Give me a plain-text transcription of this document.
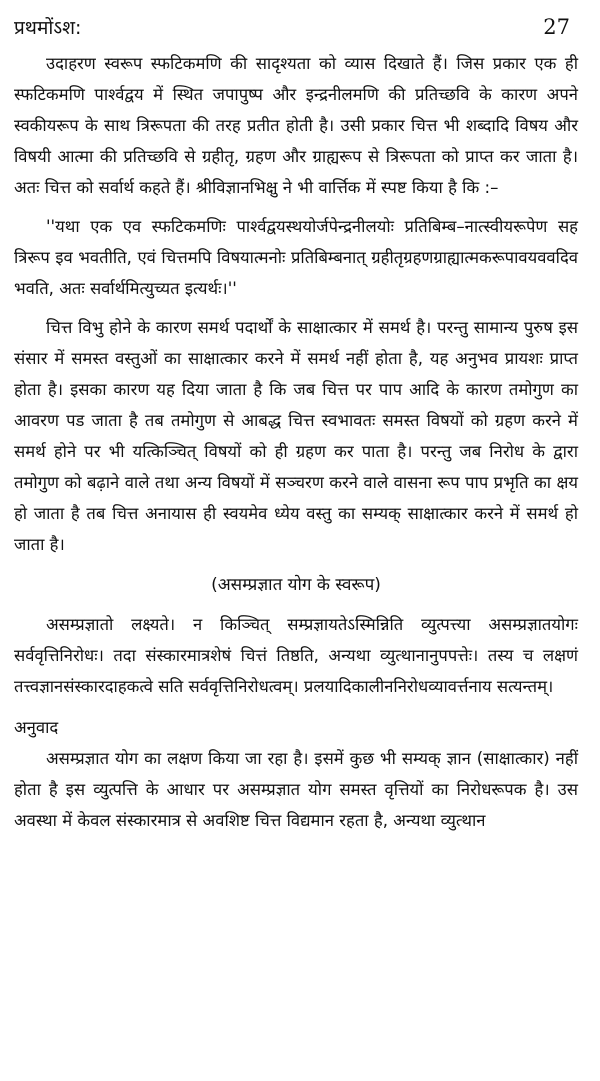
प्रथमोंऽश:	27

उदाहरण स्वरूप स्फटिकमणि की सादृश्यता को व्यास दिखाते हैं। जिस प्रकार एक ही स्फटिकमणि पार्श्वद्वय में स्थित जपापुष्प और इन्द्रनीलमणि की प्रतिच्छवि के कारण अपने स्वकीयरूप के साथ त्रिरूपता की तरह प्रतीत होती है। उसी प्रकार चित्त भी शब्दादि विषय और विषयी आत्मा की प्रतिच्छवि से ग्रहीतृ, ग्रहण और ग्राह्यरूप से त्रिरूपता को प्राप्त कर जाता है। अतः चित्त को सर्वार्थ कहते हैं। श्रीविज्ञानभिक्षु ने भी वार्त्तिक में स्पष्ट किया है कि :–

''यथा एक एव स्फटिकमणिः पार्श्वद्वयस्थयोर्जपेन्द्रनीलयोः प्रतिबिम्ब–नात्स्वीयरूपेण सह त्रिरूप इव भवतीति, एवं चित्तमपि विषयात्मनोः प्रतिबिम्बनात् ग्रहीतृग्रहणग्राह्यात्मकरूपावयववदिव भवति, अतः सर्वार्थमित्युच्यत इत्यर्थः।''

चित्त विभु होने के कारण समर्थ पदार्थों के साक्षात्कार में समर्थ है। परन्तु सामान्य पुरुष इस संसार में समस्त वस्तुओं का साक्षात्कार करने में समर्थ नहीं होता है, यह अनुभव प्रायशः प्राप्त होता है। इसका कारण यह दिया जाता है कि जब चित्त पर पाप आदि के कारण तमोगुण का आवरण पड जाता है तब तमोगुण से आबद्ध चित्त स्वभावतः समस्त विषयों को ग्रहण करने में समर्थ होने पर भी यत्किञ्चित् विषयों को ही ग्रहण कर पाता है। परन्तु जब निरोध के द्वारा तमोगुण को बढ़ाने वाले तथा अन्य विषयों में सञ्चरण करने वाले वासना रूप पाप प्रभृति का क्षय हो जाता है तब चित्त अनायास ही स्वयमेव ध्येय वस्तु का सम्यक् साक्षात्कार करने में समर्थ हो जाता है।

(असम्प्रज्ञात योग के स्वरूप)

असम्प्रज्ञातो लक्ष्यते। न किञ्चित् सम्प्रज्ञायतेऽस्मिन्निति व्युत्पत्त्या असम्प्रज्ञातयोगः सर्ववृत्तिनिरोधः। तदा संस्कारमात्रशेषं चित्तं तिष्ठति, अन्यथा व्युत्थानानुपपत्तेः। तस्य च लक्षणं तत्त्वज्ञानसंस्कारदाहकत्वे सति सर्ववृत्तिनिरोधत्वम्। प्रलयादिकालीननिरोधव्यावर्त्तनाय सत्यन्तम्।

अनुवाद

असम्प्रज्ञात योग का लक्षण किया जा रहा है। इसमें कुछ भी सम्यक् ज्ञान (साक्षात्कार) नहीं होता है इस व्युत्पत्ति के आधार पर असम्प्रज्ञात योग समस्त वृत्तियों का निरोधरूपक है। उस अवस्था में केवल संस्कारमात्र से अवशिष्ट चित्त विद्यमान रहता है, अन्यथा व्युत्थान
